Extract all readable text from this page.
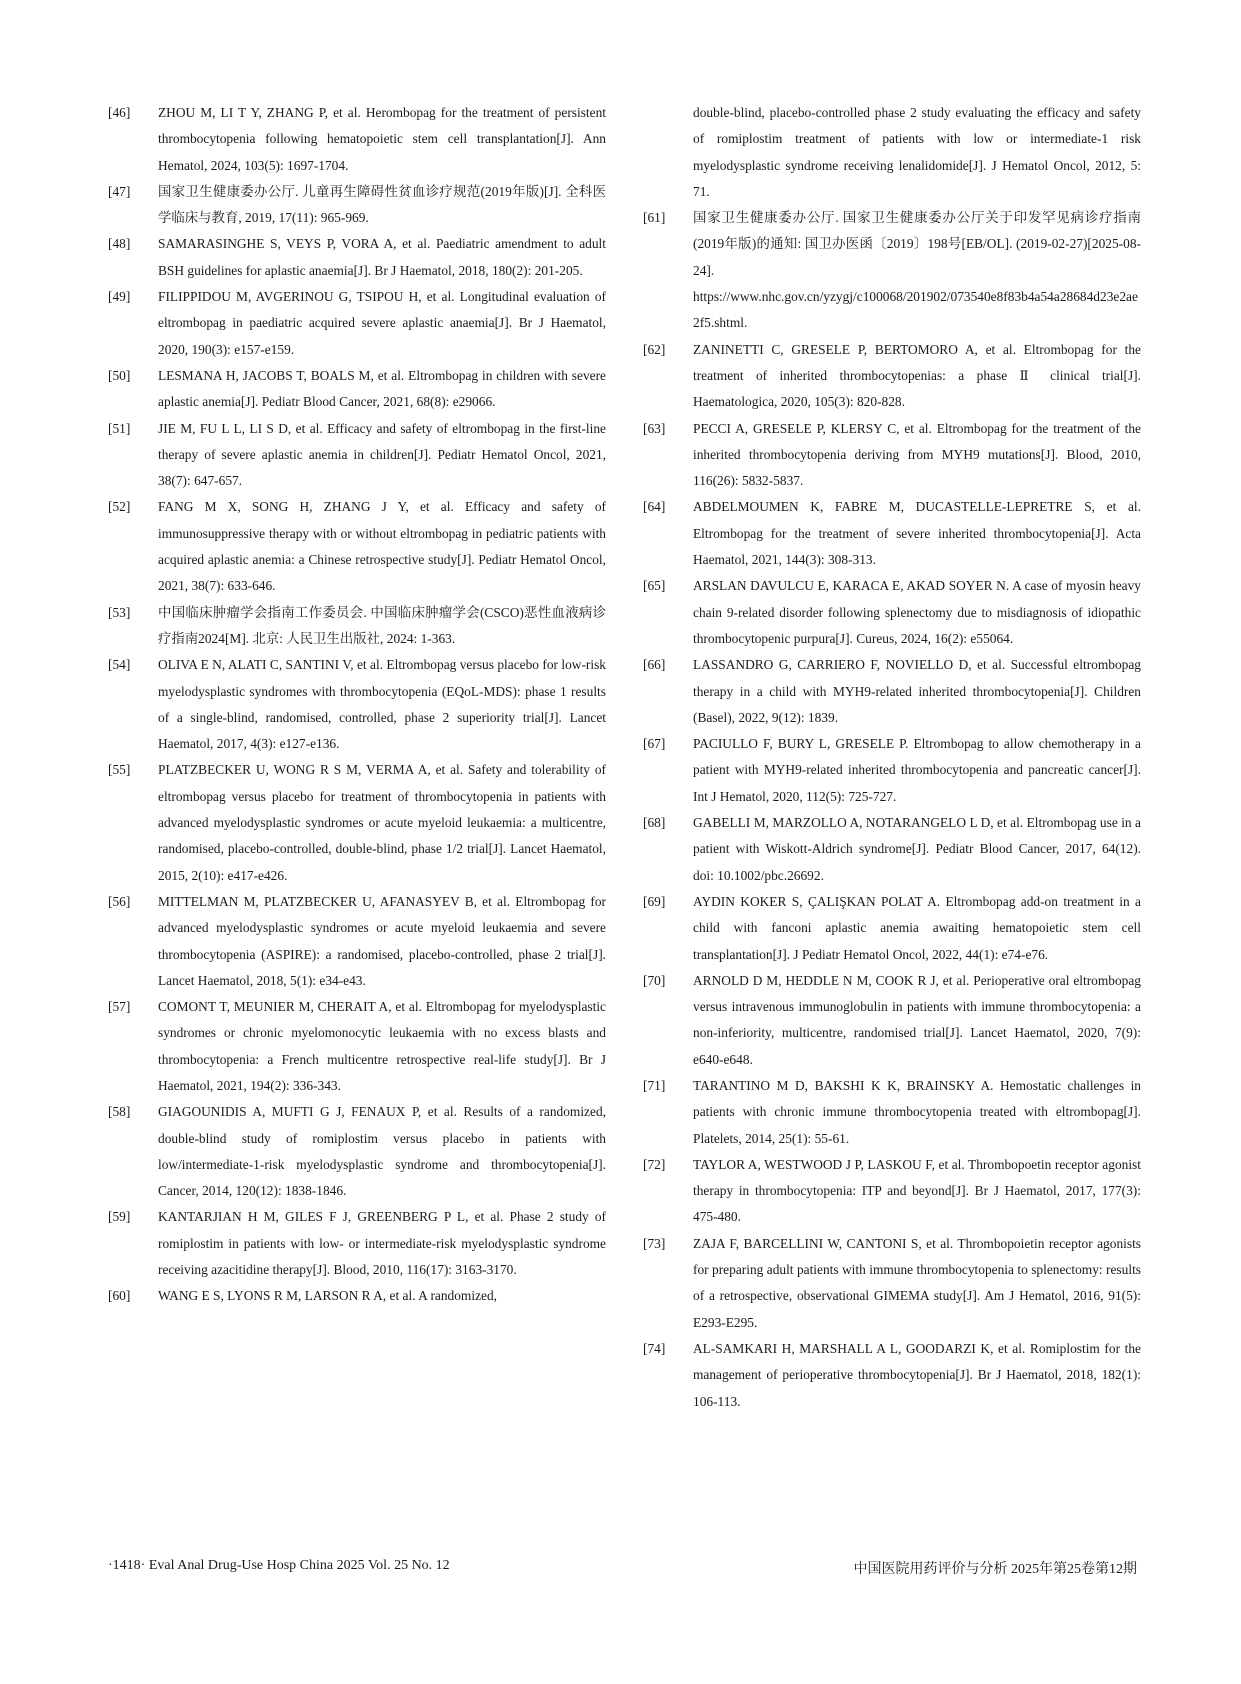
[46]	ZHOU M, LI T Y, ZHANG P, et al. Herombopag for the treatment of persistent thrombocytopenia following hematopoietic stem cell transplantation[J]. Ann Hematol, 2024, 103(5): 1697-1704.

[47]	国家卫生健康委办公厅. 儿童再生障碍性贫血诊疗规范(2019年版)[J]. 全科医学临床与教育, 2019, 17(11): 965-969.

[48]	SAMARASINGHE S, VEYS P, VORA A, et al. Paediatric amendment to adult BSH guidelines for aplastic anaemia[J]. Br J Haematol, 2018, 180(2): 201-205.

[49]	FILIPPIDOU M, AVGERINOU G, TSIPOU H, et al. Longitudinal evaluation of eltrombopag in paediatric acquired severe aplastic anaemia[J]. Br J Haematol, 2020, 190(3): e157-e159.

[50]	LESMANA H, JACOBS T, BOALS M, et al. Eltrombopag in children with severe aplastic anemia[J]. Pediatr Blood Cancer, 2021, 68(8): e29066.

[51]	JIE M, FU L L, LI S D, et al. Efficacy and safety of eltrombopag in the first-line therapy of severe aplastic anemia in children[J]. Pediatr Hematol Oncol, 2021, 38(7): 647-657.

[52]	FANG M X, SONG H, ZHANG J Y, et al. Efficacy and safety of immunosuppressive therapy with or without eltrombopag in pediatric patients with acquired aplastic anemia: a Chinese retrospective study[J]. Pediatr Hematol Oncol, 2021, 38(7): 633-646.

[53]	中国临床肿瘤学会指南工作委员会. 中国临床肿瘤学会(CSCO)恶性血液病诊疗指南2024[M]. 北京: 人民卫生出版社, 2024: 1-363.

[54]	OLIVA E N, ALATI C, SANTINI V, et al. Eltrombopag versus placebo for low-risk myelodysplastic syndromes with thrombocytopenia (EQoL-MDS): phase 1 results of a single-blind, randomised, controlled, phase 2 superiority trial[J]. Lancet Haematol, 2017, 4(3): e127-e136.

[55]	PLATZBECKER U, WONG R S M, VERMA A, et al. Safety and tolerability of eltrombopag versus placebo for treatment of thrombocytopenia in patients with advanced myelodysplastic syndromes or acute myeloid leukaemia: a multicentre, randomised, placebo-controlled, double-blind, phase 1/2 trial[J]. Lancet Haematol, 2015, 2(10): e417-e426.

[56]	MITTELMAN M, PLATZBECKER U, AFANASYEV B, et al. Eltrombopag for advanced myelodysplastic syndromes or acute myeloid leukaemia and severe thrombocytopenia (ASPIRE): a randomised, placebo-controlled, phase 2 trial[J]. Lancet Haematol, 2018, 5(1): e34-e43.

[57]	COMONT T, MEUNIER M, CHERAIT A, et al. Eltrombopag for myelodysplastic syndromes or chronic myelomonocytic leukaemia with no excess blasts and thrombocytopenia: a French multicentre retrospective real-life study[J]. Br J Haematol, 2021, 194(2): 336-343.

[58]	GIAGOUNIDIS A, MUFTI G J, FENAUX P, et al. Results of a randomized, double-blind study of romiplostim versus placebo in patients with low/intermediate-1-risk myelodysplastic syndrome and thrombocytopenia[J]. Cancer, 2014, 120(12): 1838-1846.

[59]	KANTARJIAN H M, GILES F J, GREENBERG P L, et al. Phase 2 study of romiplostim in patients with low- or intermediate-risk myelodysplastic syndrome receiving azacitidine therapy[J]. Blood, 2010, 116(17): 3163-3170.

[60]	WANG E S, LYONS R M, LARSON R A, et al. A randomized,

double-blind, placebo-controlled phase 2 study evaluating the efficacy and safety of romiplostim treatment of patients with low or intermediate-1 risk myelodysplastic syndrome receiving lenalidomide[J]. J Hematol Oncol, 2012, 5: 71.

[61]	国家卫生健康委办公厅. 国家卫生健康委办公厅关于印发罕见病诊疗指南(2019年版)的通知: 国卫办医函〔2019〕198号[EB/OL]. (2019-02-27)[2025-08-24]. https://www.nhc.gov.cn/yzygj/c100068/201902/073540e8f83b4a54a28684d23e2ae2f5.shtml.

[62]	ZANINETTI C, GRESELE P, BERTOMORO A, et al. Eltrombopag for the treatment of inherited thrombocytopenias: a phase Ⅱ clinical trial[J]. Haematologica, 2020, 105(3): 820-828.

[63]	PECCI A, GRESELE P, KLERSY C, et al. Eltrombopag for the treatment of the inherited thrombocytopenia deriving from MYH9 mutations[J]. Blood, 2010, 116(26): 5832-5837.

[64]	ABDELMOUMEN K, FABRE M, DUCASTELLE-LEPRETRE S, et al. Eltrombopag for the treatment of severe inherited thrombocytopenia[J]. Acta Haematol, 2021, 144(3): 308-313.

[65]	ARSLAN DAVULCU E, KARACA E, AKAD SOYER N. A case of myosin heavy chain 9-related disorder following splenectomy due to misdiagnosis of idiopathic thrombocytopenic purpura[J]. Cureus, 2024, 16(2): e55064.

[66]	LASSANDRO G, CARRIERO F, NOVIELLO D, et al. Successful eltrombopag therapy in a child with MYH9-related inherited thrombocytopenia[J]. Children (Basel), 2022, 9(12): 1839.

[67]	PACIULLO F, BURY L, GRESELE P. Eltrombopag to allow chemotherapy in a patient with MYH9-related inherited thrombocytopenia and pancreatic cancer[J]. Int J Hematol, 2020, 112(5): 725-727.

[68]	GABELLI M, MARZOLLO A, NOTARANGELO L D, et al. Eltrombopag use in a patient with Wiskott-Aldrich syndrome[J]. Pediatr Blood Cancer, 2017, 64(12). doi: 10.1002/pbc.26692.

[69]	AYDIN KOKER S, ÇALIŞKAN POLAT A. Eltrombopag add-on treatment in a child with fanconi aplastic anemia awaiting hematopoietic stem cell transplantation[J]. J Pediatr Hematol Oncol, 2022, 44(1): e74-e76.

[70]	ARNOLD D M, HEDDLE N M, COOK R J, et al. Perioperative oral eltrombopag versus intravenous immunoglobulin in patients with immune thrombocytopenia: a non-inferiority, multicentre, randomised trial[J]. Lancet Haematol, 2020, 7(9): e640-e648.

[71]	TARANTINO M D, BAKSHI K K, BRAINSKY A. Hemostatic challenges in patients with chronic immune thrombocytopenia treated with eltrombopag[J]. Platelets, 2014, 25(1): 55-61.

[72]	TAYLOR A, WESTWOOD J P, LASKOU F, et al. Thrombopoetin receptor agonist therapy in thrombocytopenia: ITP and beyond[J]. Br J Haematol, 2017, 177(3): 475-480.

[73]	ZAJA F, BARCELLINI W, CANTONI S, et al. Thrombopoietin receptor agonists for preparing adult patients with immune thrombocytopenia to splenectomy: results of a retrospective, observational GIMEMA study[J]. Am J Hematol, 2016, 91(5): E293-E295.

[74]	AL-SAMKARI H, MARSHALL A L, GOODARZI K, et al. Romiplostim for the management of perioperative thrombocytopenia[J]. Br J Haematol, 2018, 182(1): 106-113.

·1418· Eval Anal Drug-Use Hosp China 2025 Vol. 25 No. 12	中国医院用药评价与分析 2025年第25卷第12期
